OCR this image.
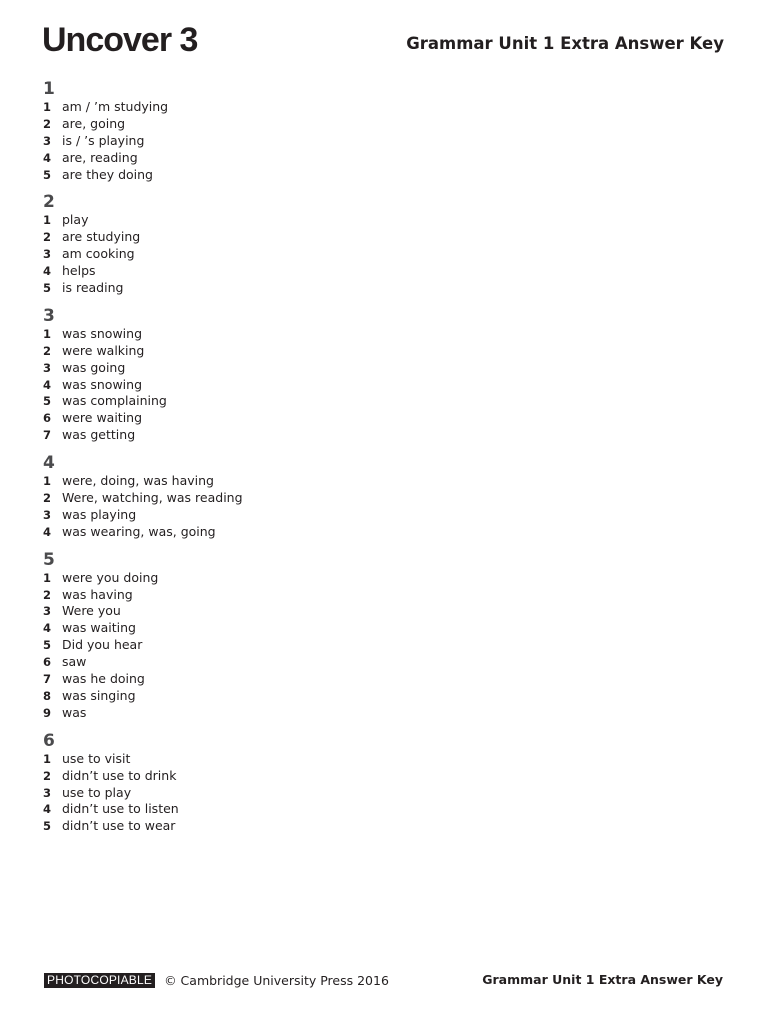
Uncover 3	Grammar Unit 1 Extra Answer Key
1
1 am / ’m studying
2 are, going
3 is / ’s playing
4 are, reading
5 are they doing
2
1 play
2 are studying
3 am cooking
4 helps
5 is reading
3
1 was snowing
2 were walking
3 was going
4 was snowing
5 was complaining
6 were waiting
7 was getting
4
1 were, doing, was having
2 Were, watching, was reading
3 was playing
4 was wearing, was, going
5
1 were you doing
2 was having
3 Were you
4 was waiting
5 Did you hear
6 saw
7 was he doing
8 was singing
9 was
6
1 use to visit
2 didn’t use to drink
3 use to play
4 didn’t use to listen
5 didn’t use to wear
PHOTOCOPIABLE © Cambridge University Press 2016	Grammar Unit 1 Extra Answer Key
